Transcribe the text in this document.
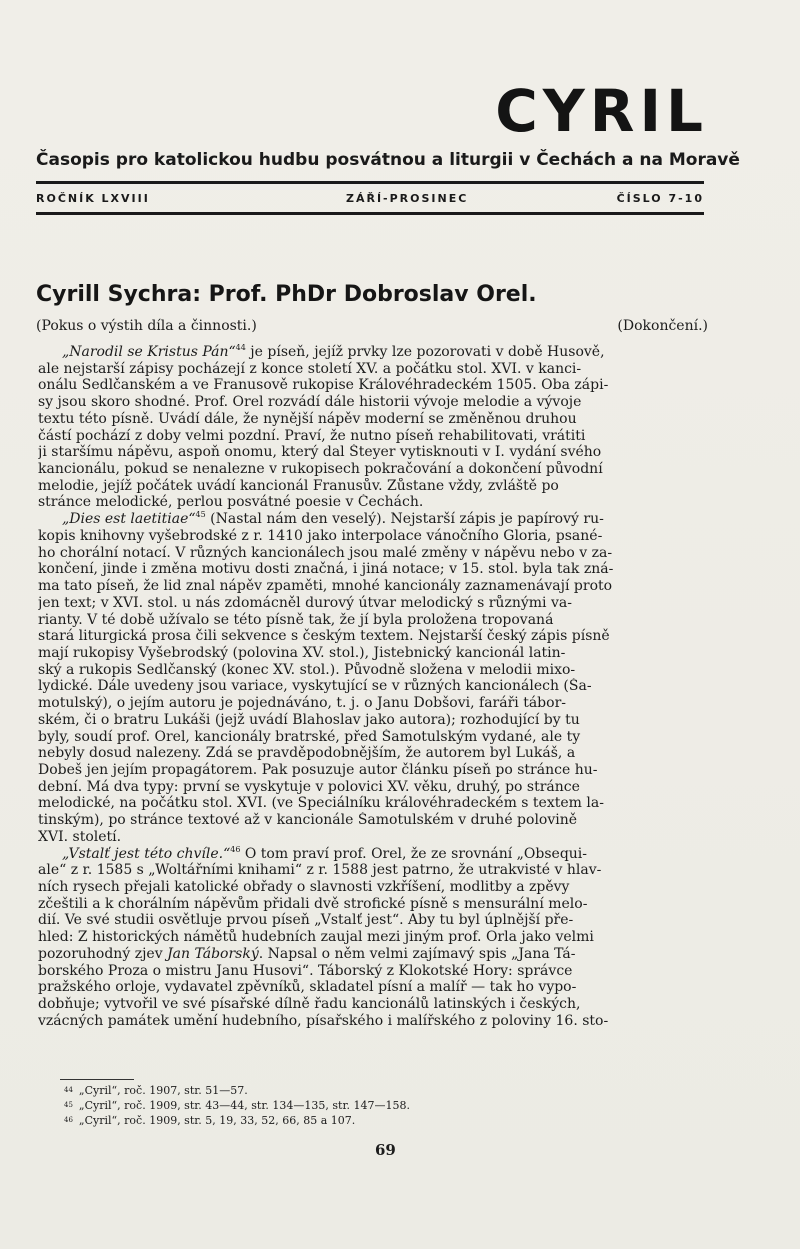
CYRIL
Časopis pro katolickou hudbu posvátnou a liturgii v Čechách a na Moravě
ROČNÍK LXVIII	ZÁŘÍ-PROSINEC	ČÍSLO 7-10
Cyrill Sychra: Prof. PhDr Dobroslav Orel.
(Pokus o výstih díla a činnosti.)	(Dokončení.)
„Narodil se Kristus Pán“$^{44}$ je píseň, jejíž prvky lze pozorovati v době Husově,
ale nejstarší zápisy pocházejí z konce století XV. a počátku stol. XVI. v kanci-
onálu Sedlčanském a ve Franusově rukopise Královéhradeckém 1505. Oba zápi-
sy jsou skoro shodné. Prof. Orel rozvádí dále historii vývoje melodie a vývoje
textu této písně. Uvádí dále, že nynější nápěv moderní se změněnou druhou
částí pochází z doby velmi pozdní. Praví, že nutno píseň rehabilitovati, vrátiti
ji staršímu nápěvu, aspoň onomu, který dal Šteyer vytisknouti v I. vydání svého
kancionálu, pokud se nenalezne v rukopisech pokračování a dokončení původní
melodie, jejíž počátek uvádí kancionál Franusův. Zůstane vždy, zvláště po
stránce melodické, perlou posvátné poesie v Čechách.
„Dies est laetitiae“$^{45}$ (Nastal nám den veselý). Nejstarší zápis je papírový ru-
kopis knihovny vyšebrodské z r. 1410 jako interpolace vánočního Gloria, psané-
ho chorální notací. V různých kancionálech jsou malé změny v nápěvu nebo v za-
končení, jinde i změna motivu dosti značná, i jiná notace; v 15. stol. byla tak zná-
ma tato píseň, že lid znal nápěv zpaměti, mnohé kancionály zaznamenávají proto
jen text; v XVI. stol. u nás zdomácněl durový útvar melodický s různými va-
rianty. V té době užívalo se této písně tak, že jí byla proložena tropovaná
stará liturgická prosa čili sekvence s českým textem. Nejstarší český zápis písně
mají rukopisy Vyšebrodský (polovina XV. stol.), Jistebnický kancionál latin-
ský a rukopis Sedlčanský (konec XV. stol.). Původně složena v melodii mixo-
lydické. Dále uvedeny jsou variace, vyskytující se v různých kancionálech (Ša-
motulský), o jejím autoru je pojednáváno, t. j. o Janu Dobšovi, faráři tábor-
ském, či o bratru Lukáši (jejž uvádí Blahoslav jako autora); rozhodující by tu
byly, soudí prof. Orel, kancionály bratrské, před Šamotulským vydané, ale ty
nebyly dosud nalezeny. Zdá se pravděpodobnějším, že autorem byl Lukáš, a
Dobeš jen jejím propagátorem. Pak posuzuje autor článku píseň po stránce hu-
dební. Má dva typy: první se vyskytuje v polovici XV. věku, druhý, po stránce
melodické, na počátku stol. XVI. (ve Speciálníku královéhradeckém s textem la-
tinským), po stránce textové až v kancionále Šamotulském v druhé polovině
XVI. století.
„Vstalť jest této chvíle.“$^{46}$ O tom praví prof. Orel, že ze srovnání „Obsequi-
ale“ z r. 1585 s „Woltářními knihami“ z r. 1588 jest patrno, že utrakvisté v hlav-
ních rysech přejali katolické obřady o slavnosti vzkříšení, modlitby a zpěvy
zčeštili a k chorálním nápěvům přidali dvě strofické písně s mensurální melo-
dií. Ve své studii osvětluje prvou píseň „Vstalť jest“. Aby tu byl úplnější pře-
hled: Z historických námětů hudebních zaujal mezi jiným prof. Orla jako velmi
pozoruhodný zjev Jan Táborský. Napsal o něm velmi zajímavý spis „Jana Tá-
borského Proza o mistru Janu Husovi“. Táborský z Klokotské Hory: správce
pražského orloje, vydavatel zpěvníků, skladatel písní a malíř — tak ho vypo-
dobňuje; vytvořil ve své písařské dílně řadu kancionálů latinských i českých,
vzácných památek umění hudebního, písařského i malířského z poloviny 16. sto-
$^{44}$ „Cyril“, roč. 1907, str. 51—57.
$^{45}$ „Cyril“, roč. 1909, str. 43—44, str. 134—135, str. 147—158.
$^{46}$ „Cyril“, roč. 1909, str. 5, 19, 33, 52, 66, 85 a 107.
69
